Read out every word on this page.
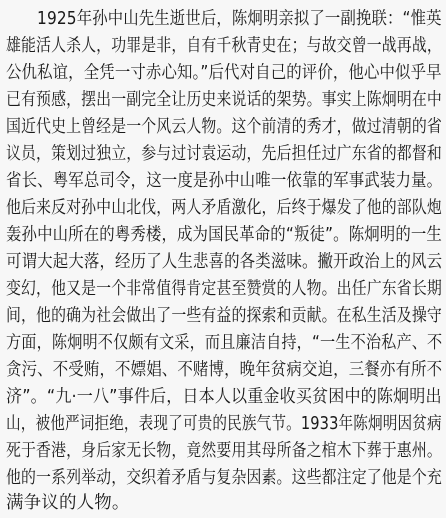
　　1925年孙中山先生逝世后，陈炯明亲拟了一副挽联：“惟英
雄能活人杀人，功罪是非，自有千秋青史在；与故交曾一战再战，
公仇私谊，全凭一寸赤心知。”后代对自己的评价，他心中似乎早
已有预感，摆出一副完全让历史来说话的架势。事实上陈炯明在中
国近代史上曾经是一个风云人物。这个前清的秀才，做过清朝的省
议员，策划过独立，参与过讨袁运动，先后担任过广东省的都督和
省长、粤军总司令，这一度是孙中山唯一依靠的军事武装力量。
他后来反对孙中山北伐，两人矛盾激化，后终于爆发了他的部队炮
轰孙中山所在的粤秀楼，成为国民革命的“叛徒”。陈炯明的一生
可谓大起大落，经历了人生悲喜的各类滋味。撇开政治上的风云
变幻，他又是一个非常值得肯定甚至赞赏的人物。出任广东省长期
间，他的确为社会做出了一些有益的探索和贡献。在私生活及操守
方面，陈炯明不仅颇有文采，而且廉洁自持，“一生不治私产、不
贪污、不受贿，不嫖娼、不赌博，晚年贫病交迫，三餐亦有所不
济”。“九·一八”事件后，日本人以重金收买贫困中的陈炯明出
山，被他严词拒绝，表现了可贵的民族气节。1933年陈炯明因贫病
死于香港，身后家无长物，竟然要用其母所备之棺木下葬于惠州。
他的一系列举动，交织着矛盾与复杂因素。这些都注定了他是个充
满争议的人物。
